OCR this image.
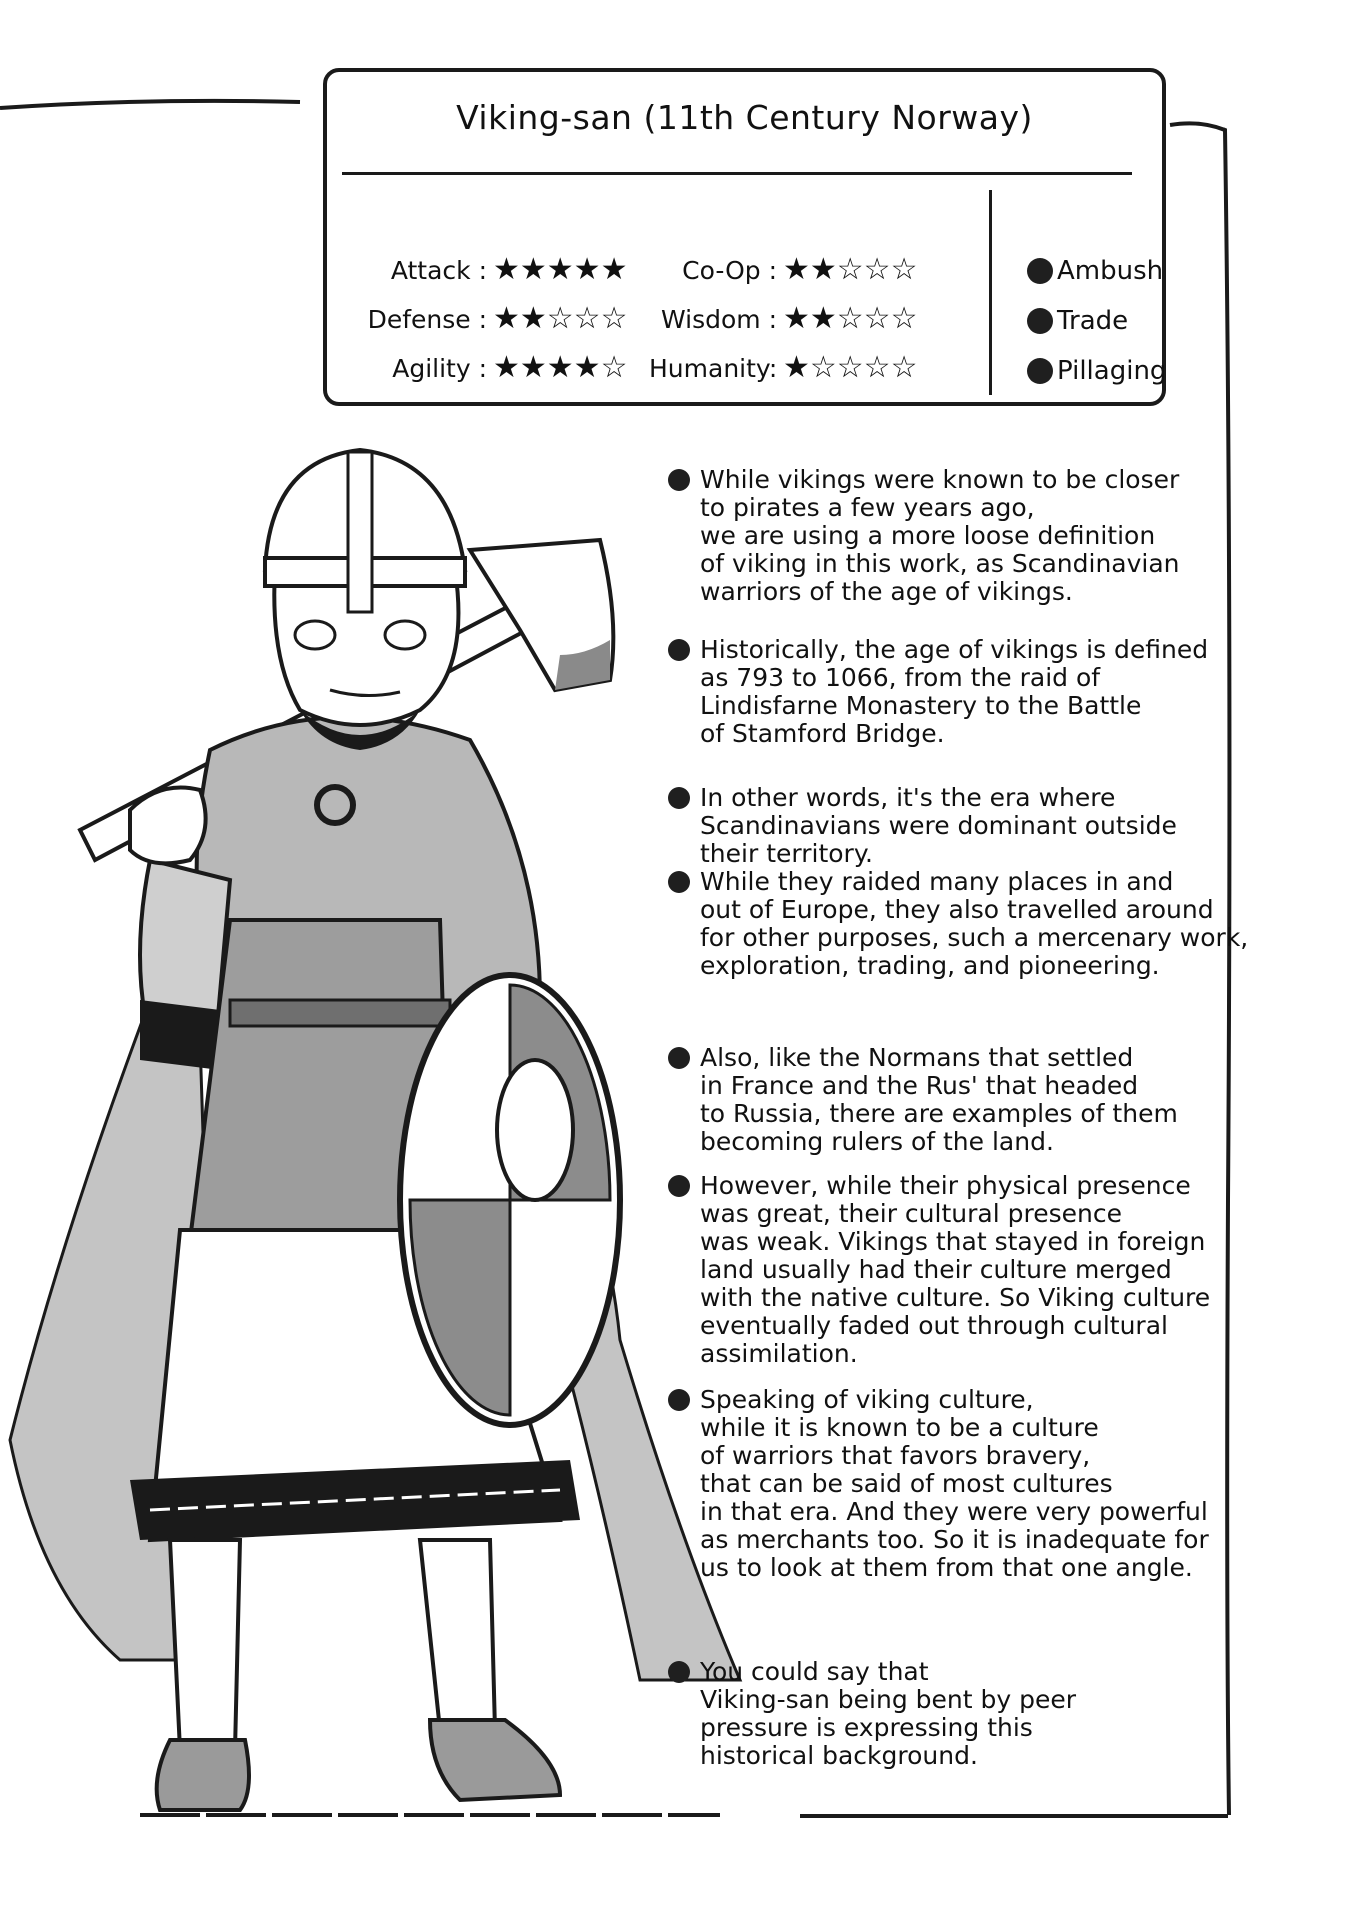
Viking-san (11th Century Norway)
Attack : ★★★★★
Defense : ★★☆☆☆
Agility : ★★★★☆
Co-Op : ★★☆☆☆
Wisdom : ★★☆☆☆
Humanity: ★☆☆☆☆
Ambush
Trade
Pillaging
While vikings were known to be closer
to pirates a few years ago,
we are using a more loose definition
of viking in this work, as Scandinavian
warriors of the age of vikings.
Historically, the age of vikings is defined
as 793 to 1066, from the raid of
Lindisfarne Monastery to the Battle
of Stamford Bridge.
In other words, it's the era where
Scandinavians were dominant outside
their territory.
While they raided many places in and
out of Europe, they also travelled around
for other purposes, such a mercenary work,
exploration, trading, and pioneering.
Also, like the Normans that settled
in France and the Rus' that headed
to Russia, there are examples of them
becoming rulers of the land.
However, while their physical presence
was great, their cultural presence
was weak. Vikings that stayed in foreign
land usually had their culture merged
with the native culture. So Viking culture
eventually faded out through cultural
assimilation.
Speaking of viking culture,
while it is known to be a culture
of warriors that favors bravery,
that can be said of most cultures
in that era. And they were very powerful
as merchants too. So it is inadequate for
us to look at them from that one angle.
You could say that
Viking-san being bent by peer
pressure is expressing this
historical background.
